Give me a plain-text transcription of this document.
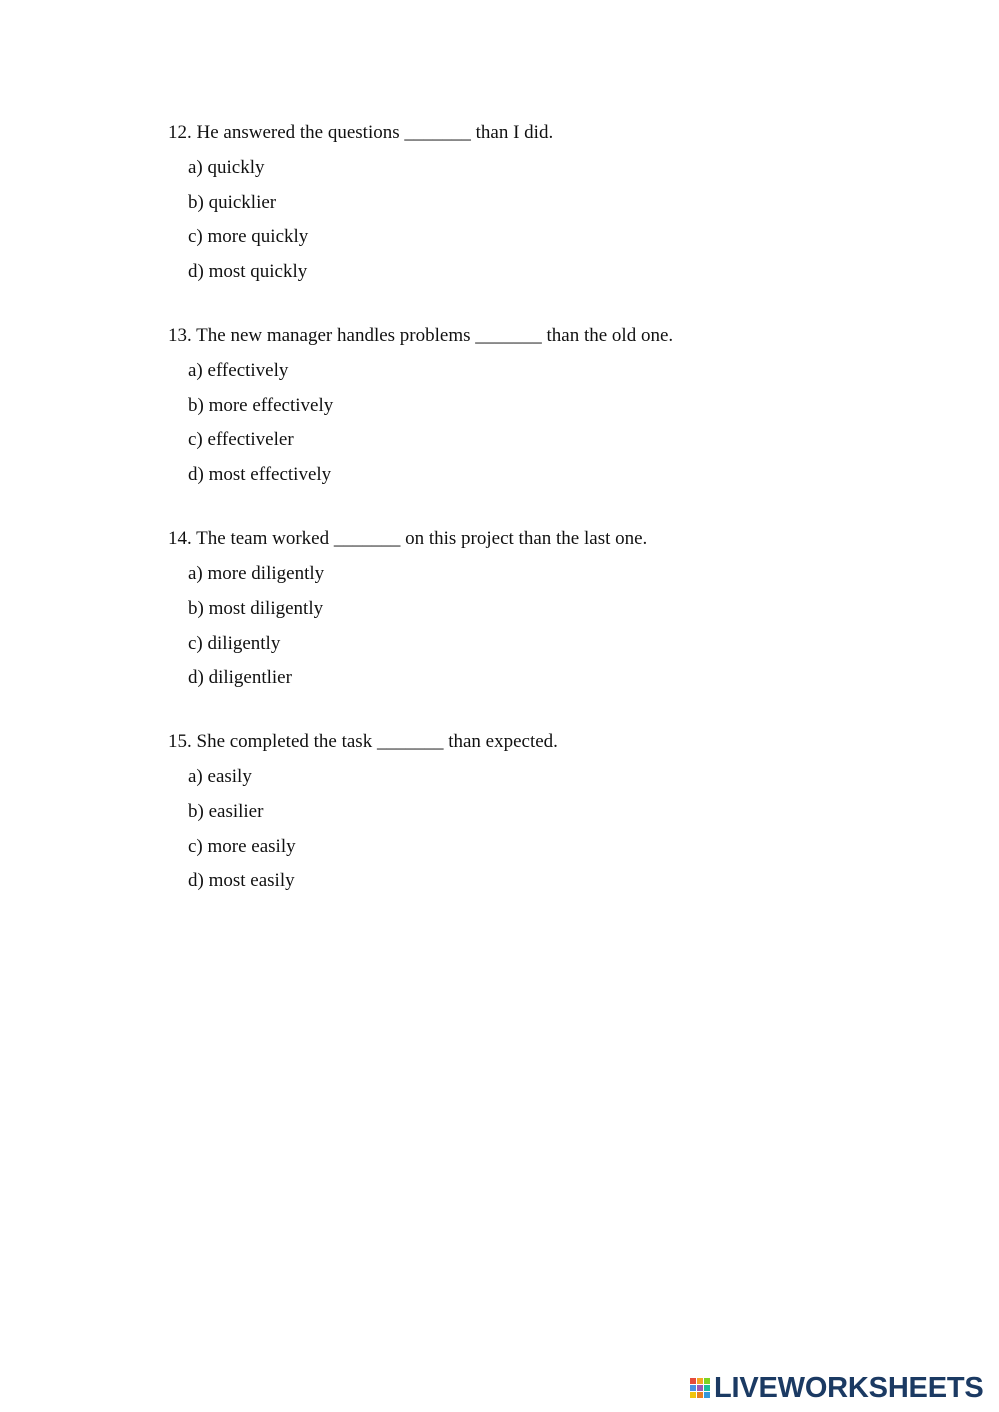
12. He answered the questions _______ than I did.
a) quickly
b) quicklier
c) more quickly
d) most quickly
13. The new manager handles problems _______ than the old one.
a) effectively
b) more effectively
c) effectiveler
d) most effectively
14. The team worked _______ on this project than the last one.
a) more diligently
b) most diligently
c) diligently
d) diligentlier
15. She completed the task _______ than expected.
a) easily
b) easilier
c) more easily
d) most easily
LIVEWORKSHEETS
